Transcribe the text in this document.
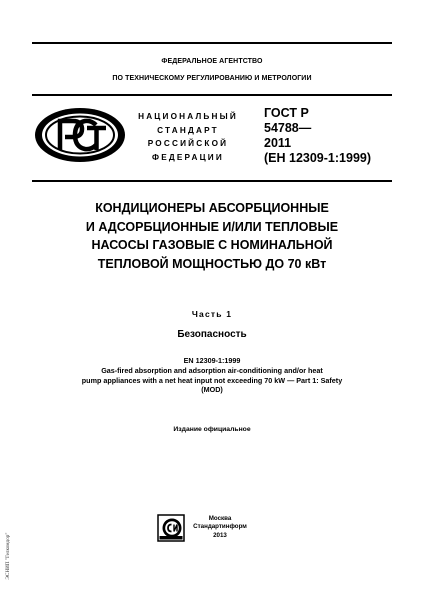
ФЕДЕРАЛЬНОЕ АГЕНТСТВО
ПО ТЕХНИЧЕСКОМУ РЕГУЛИРОВАНИЮ И МЕТРОЛОГИИ
НАЦИОНАЛЬНЫЙ
СТАНДАРТ
РОССИЙСКОЙ
ФЕДЕРАЦИИ
ГОСТ Р
54788—
2011
(ЕН 12309-1:1999)
КОНДИЦИОНЕРЫ АБСОРБЦИОННЫЕ
И АДСОРБЦИОННЫЕ И/ИЛИ ТЕПЛОВЫЕ
НАСОСЫ ГАЗОВЫЕ С НОМИНАЛЬНОЙ
ТЕПЛОВОЙ МОЩНОСТЬЮ ДО 70 кВт
Часть 1
Безопасность
EN 12309-1:1999
Gas-fired absorption and adsorption air-conditioning and/or heat
pump appliances with a net heat input not exceeding 70 kW — Part 1: Safety
(MOD)
Издание официальное
Москва
Стандартинформ
2013
ЭСНИП "Гелкомдор"
